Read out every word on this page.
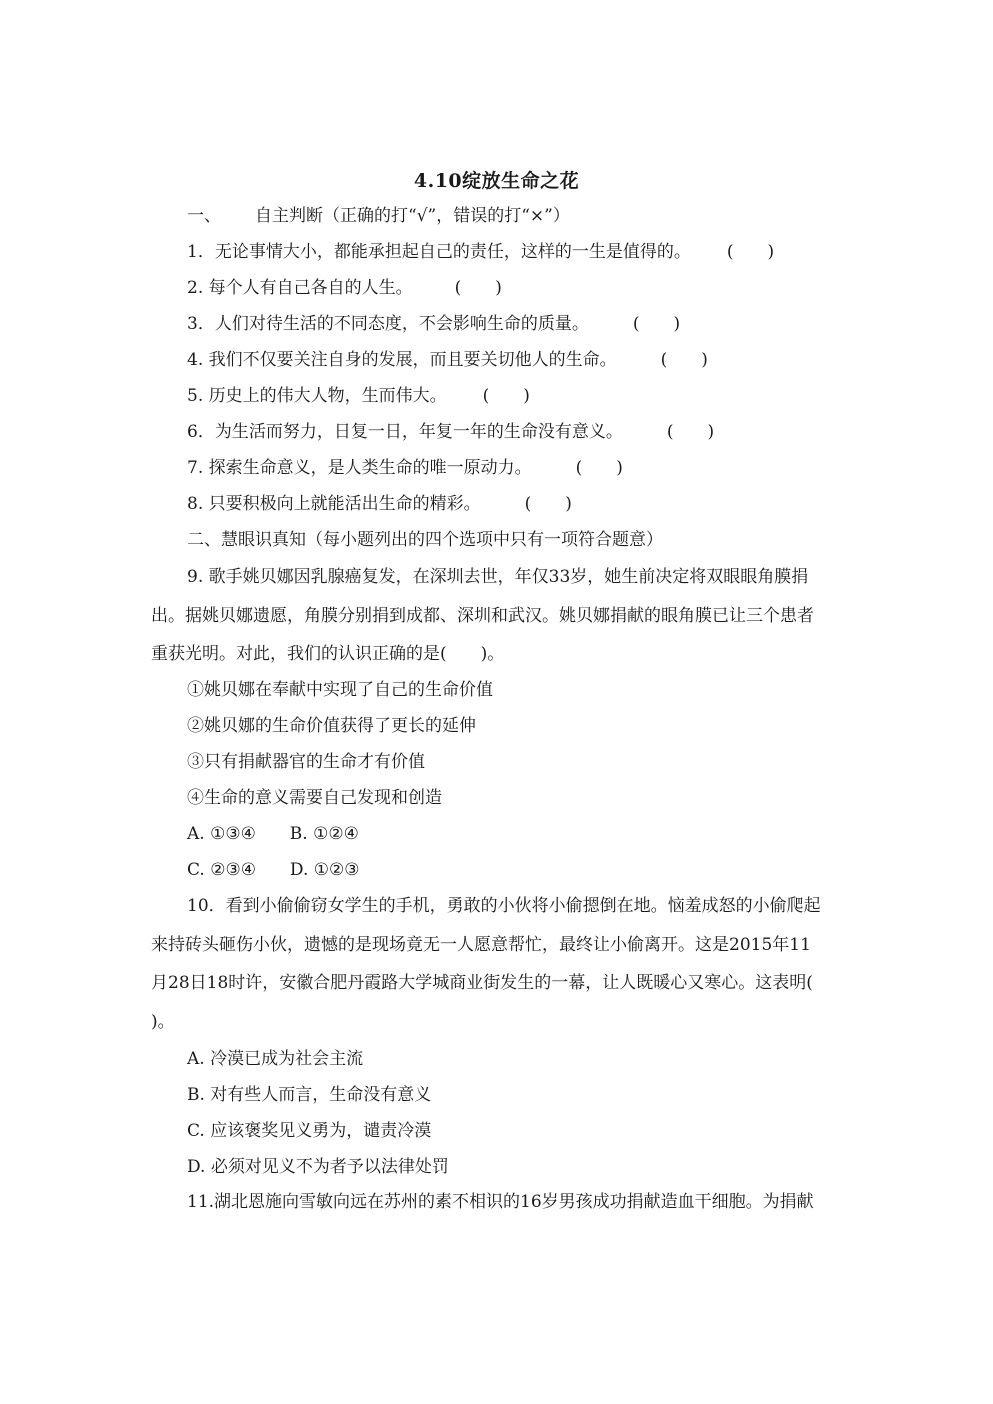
4.10绽放生命之花
一、 自主判断（正确的打“√”，错误的打“×”）
1．无论事情大小，都能承担起自己的责任，这样的一生是值得的。 (　　)
2. 每个人有自己各自的人生。 (　　)
3．人们对待生活的不同态度，不会影响生命的质量。	(　　)
4. 我们不仅要关注自身的发展，而且要关切他人的生命。	(　　)
5. 历史上的伟大人物，生而伟大。 (　　)
6．为生活而努力，日复一日，年复一年的生命没有意义。	(　　)
7. 探索生命意义，是人类生命的唯一原动力。	(　　)
8. 只要积极向上就能活出生命的精彩。	(　　)
二、慧眼识真知（每小题列出的四个选项中只有一项符合题意）
9. 歌手姚贝娜因乳腺癌复发，在深圳去世，年仅33岁，她生前决定将双眼眼角膜捐
出。据姚贝娜遗愿，角膜分别捐到成都、深圳和武汉。姚贝娜捐献的眼角膜已让三个患者
重获光明。对此，我们的认识正确的是(　　)。
①姚贝娜在奉献中实现了自己的生命价值
②姚贝娜的生命价值获得了更长的延伸
③只有捐献器官的生命才有价值
④生命的意义需要自己发现和创造
A. ①③④　　B. ①②④
C. ②③④　　D. ①②③
10．看到小偷偷窃女学生的手机，勇敢的小伙将小偷摁倒在地。恼羞成怒的小偷爬起
来持砖头砸伤小伙，遗憾的是现场竟无一人愿意帮忙，最终让小偷离开。这是2015年11
月28日18时许，安徽合肥丹霞路大学城商业街发生的一幕，让人既暖心又寒心。这表明(
)。
A. 冷漠已成为社会主流
B. 对有些人而言，生命没有意义
C. 应该褒奖见义勇为，谴责冷漠
D. 必须对见义不为者予以法律处罚
11.湖北恩施向雪敏向远在苏州的素不相识的16岁男孩成功捐献造血干细胞。为捐献
